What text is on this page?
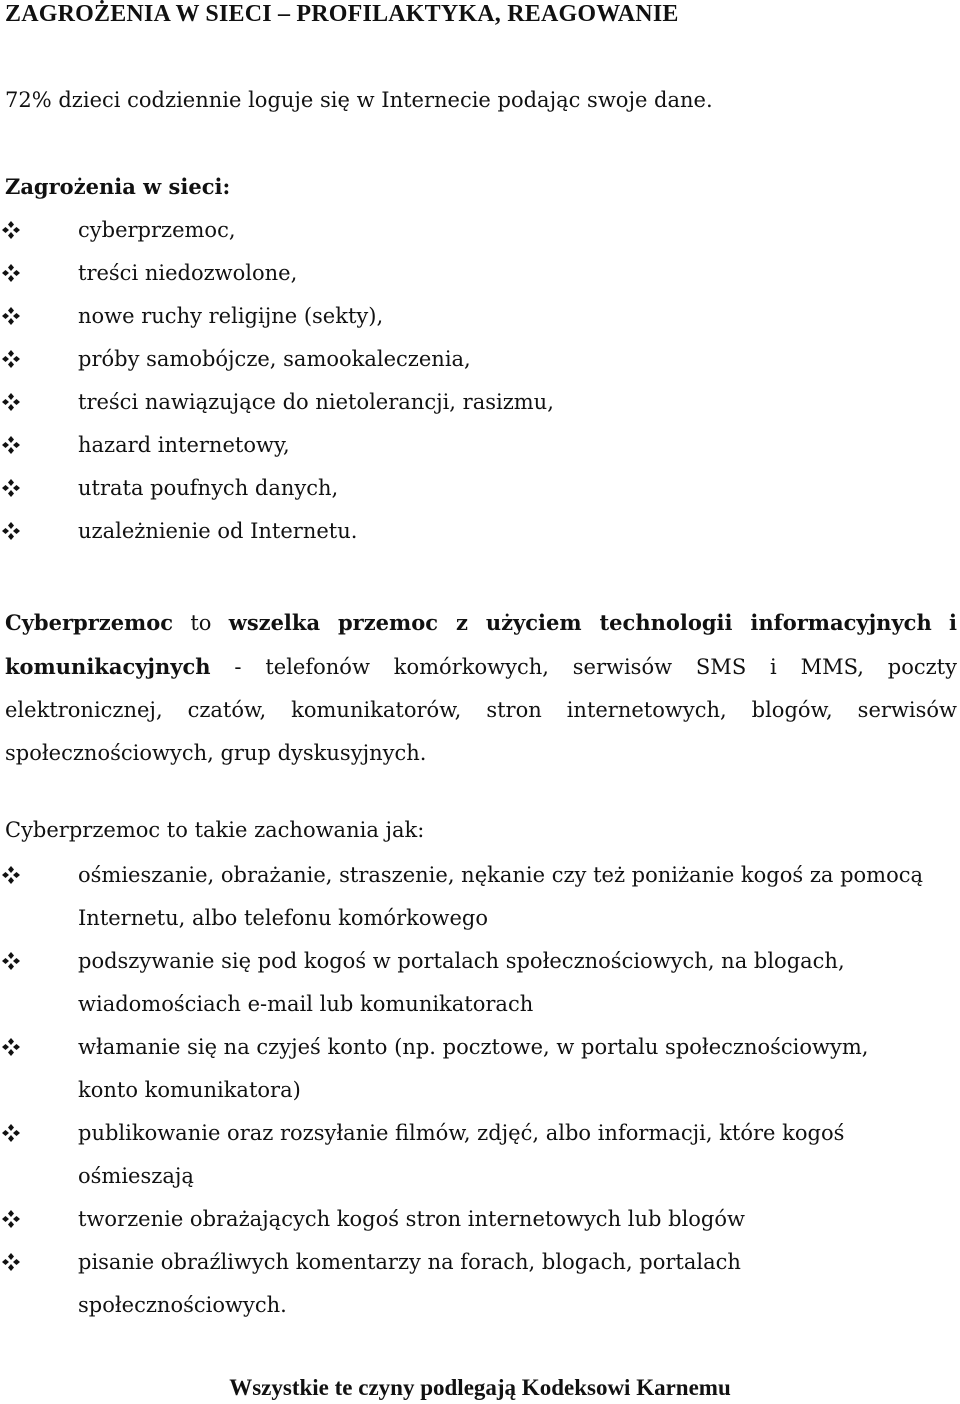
ZAGROŻENIA W SIECI – PROFILAKTYKA, REAGOWANIE
72% dzieci codziennie loguje się w Internecie podając swoje dane.
Zagrożenia w sieci:
cyberprzemoc,
treści niedozwolone,
nowe ruchy religijne (sekty),
próby samobójcze, samookaleczenia,
treści nawiązujące do nietolerancji, rasizmu,
hazard internetowy,
utrata poufnych danych,
uzależnienie od Internetu.
Cyberprzemoc to wszelka przemoc z użyciem technologii informacyjnych i komunikacyjnych - telefonów komórkowych, serwisów SMS i MMS, poczty elektronicznej, czatów, komunikatorów, stron internetowych, blogów, serwisów społecznościowych, grup dyskusyjnych.
Cyberprzemoc to takie zachowania jak:
ośmieszanie, obrażanie, straszenie, nękanie czy też poniżanie kogoś za pomocą
Internetu, albo telefonu komórkowego
podszywanie się pod kogoś w portalach społecznościowych, na blogach,
wiadomościach e-mail lub komunikatorach
włamanie się na czyjeś konto (np. pocztowe, w portalu społecznościowym,
konto komunikatora)
publikowanie oraz rozsyłanie filmów, zdjęć, albo informacji, które kogoś
ośmieszają
tworzenie obrażających kogoś stron internetowych lub blogów
pisanie obraźliwych komentarzy na forach, blogach, portalach
społecznościowych.
Wszystkie te czyny podlegają Kodeksowi Karnemu
